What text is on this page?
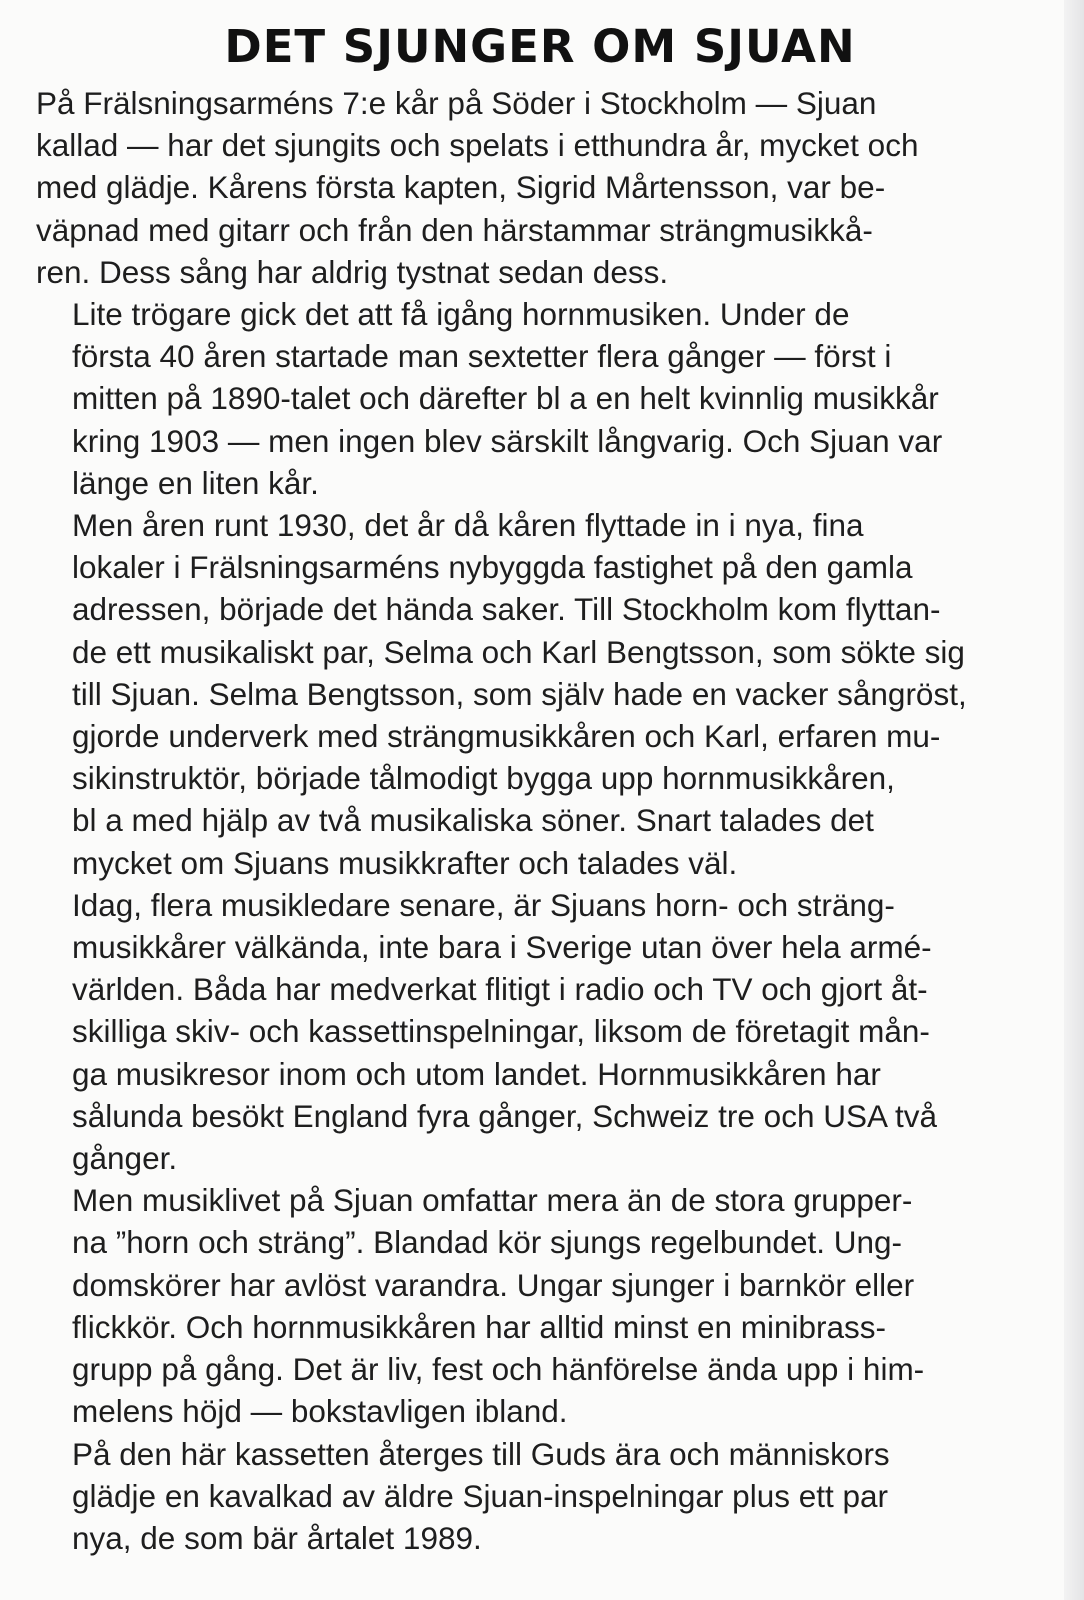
DET SJUNGER OM SJUAN

På Frälsningsarméns 7:e kår på Söder i Stockholm — Sjuan
kallad — har det sjungits och spelats i etthundra år, mycket och
med glädje. Kårens första kapten, Sigrid Mårtensson, var be-
väpnad med gitarr och från den härstammar strängmusikkå-
ren. Dess sång har aldrig tystnat sedan dess.

Lite trögare gick det att få igång hornmusiken. Under de
första 40 åren startade man sextetter flera gånger — först i
mitten på 1890-talet och därefter bl a en helt kvinnlig musikkår
kring 1903 — men ingen blev särskilt långvarig. Och Sjuan var
länge en liten kår.

Men åren runt 1930, det år då kåren flyttade in i nya, fina
lokaler i Frälsningsarméns nybyggda fastighet på den gamla
adressen, började det hända saker. Till Stockholm kom flyttan-
de ett musikaliskt par, Selma och Karl Bengtsson, som sökte sig
till Sjuan. Selma Bengtsson, som själv hade en vacker sångröst,
gjorde underverk med strängmusikkåren och Karl, erfaren mu-
sikinstruktör, började tålmodigt bygga upp hornmusikkåren,
bl a med hjälp av två musikaliska söner. Snart talades det
mycket om Sjuans musikkrafter och talades väl.

Idag, flera musikledare senare, är Sjuans horn- och sträng-
musikkårer välkända, inte bara i Sverige utan över hela armé-
världen. Båda har medverkat flitigt i radio och TV och gjort åt-
skilliga skiv- och kassettinspelningar, liksom de företagit mån-
ga musikresor inom och utom landet. Hornmusikkåren har
sålunda besökt England fyra gånger, Schweiz tre och USA två
gånger.

Men musiklivet på Sjuan omfattar mera än de stora grupper-
na ”horn och sträng”. Blandad kör sjungs regelbundet. Ung-
domskörer har avlöst varandra. Ungar sjunger i barnkör eller
flickkör. Och hornmusikkåren har alltid minst en minibrass-
grupp på gång. Det är liv, fest och hänförelse ända upp i him-
melens höjd — bokstavligen ibland.

På den här kassetten återges till Guds ära och människors
glädje en kavalkad av äldre Sjuan-inspelningar plus ett par
nya, de som bär årtalet 1989.
